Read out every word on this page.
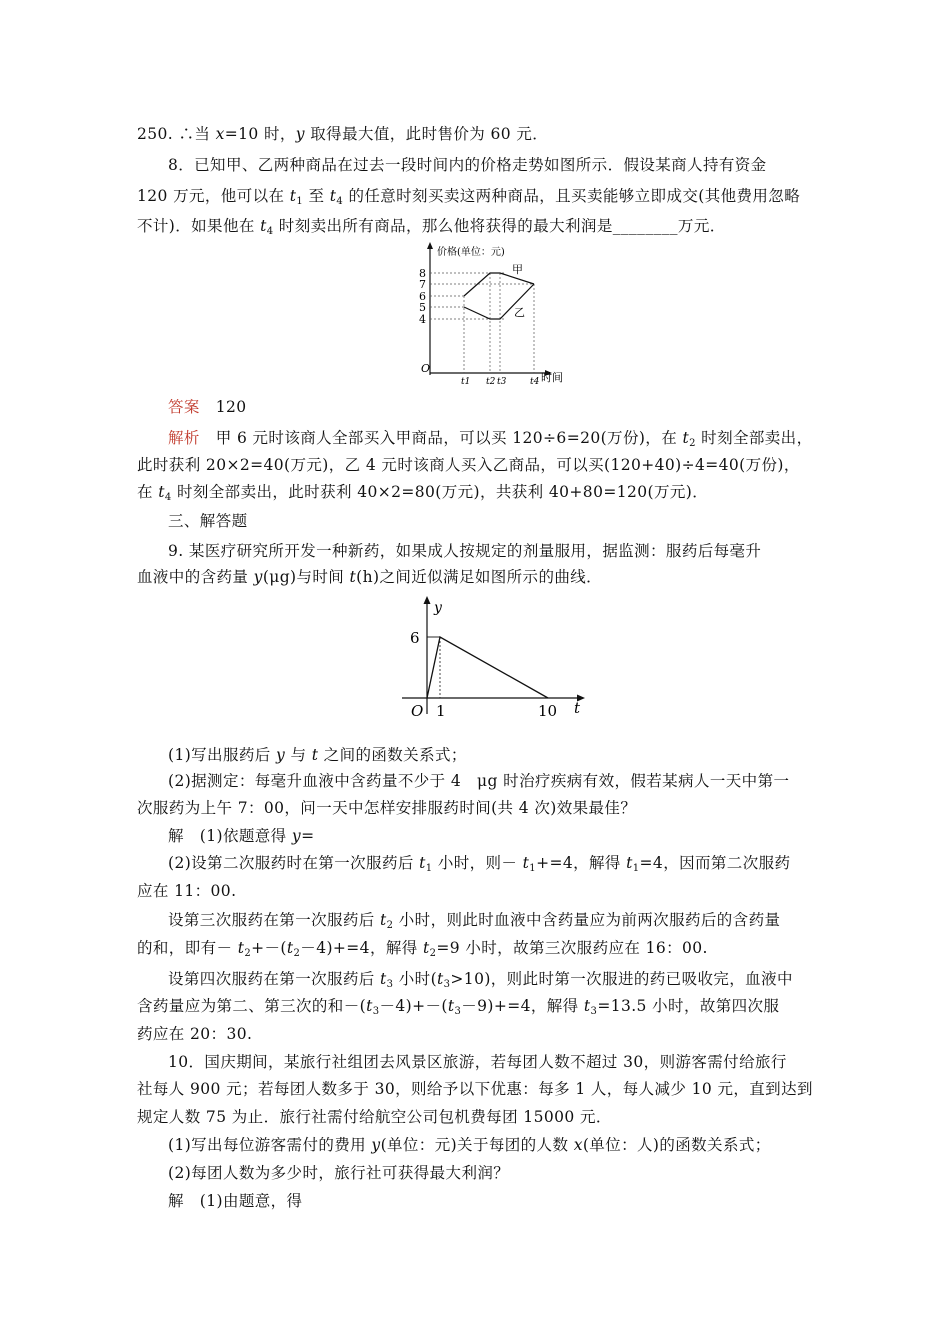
250. ∴当 x=10 时，y 取得最大值，此时售价为 60 元．
8．已知甲、乙两种商品在过去一段时间内的价格走势如图所示．假设某商人持有资金
120 万元，他可以在 $t_1$ 至 $t_4$ 的任意时刻买卖这两种商品，且买卖能够立即成交(其他费用忽略
不计)．如果他在 $t_4$ 时刻卖出所有商品，那么他将获得的最大利润是________万元．
价格(单位：元)
8
7
6
5
4
甲
乙
O
t1 t2 t3	t4 时间
答案　 120
解析　 甲 6 元时该商人全部买入甲商品，可以买 120÷6=20(万份)，在 $t_2$ 时刻全部卖出，
此时获利 20×2=40(万元)，乙 4 元时该商人买入乙商品，可以买(120+40)÷4=40(万份)，
在 $t_4$ 时刻全部卖出，此时获利 40×2=80(万元)，共获利 40+80=120(万元)．
三、解答题
9. 某医疗研究所开发一种新药，如果成人按规定的剂量服用，据监测：服药后每毫升
血液中的含药量 y(μg)与时间 t(h)之间近似满足如图所示的曲线．
y
t
O
6
1	10
(1)写出服药后 y 与 t 之间的函数关系式；
(2)据测定：每毫升血液中含药量不少于 4　μg 时治疗疾病有效，假若某病人一天中第一
次服药为上午 7：00，问一天中怎样安排服药时间(共 4 次)效果最佳？
解　(1)依题意得 y=
(2)设第二次服药时在第一次服药后 $t_1$ 小时，则－ $t_1+=4$，解得 $t_1=4$，因而第二次服药
应在 11：00.
设第三次服药在第一次服药后 $t_2$ 小时，则此时血液中含药量应为前两次服药后的含药量
的和，即有－ $t_2+-(t_2-4)+=4$，解得 $t_2=9$ 小时，故第三次服药应在 16：00.
设第四次服药在第一次服药后 $t_3$ 小时$(t_3>10)$，则此时第一次服进的药已吸收完，血液中
含药量应为第二、第三次的和$-(t_3-4)+-(t_3-9)+=4$，解得 $t_3=13.5$ 小时，故第四次服
药应在 20：30.
10．国庆期间，某旅行社组团去风景区旅游，若每团人数不超过 30，则游客需付给旅行
社每人 900 元；若每团人数多于 30，则给予以下优惠：每多 1 人，每人减少 10 元，直到达到
规定人数 75 为止．旅行社需付给航空公司包机费每团 15000 元．
(1)写出每位游客需付的费用 y(单位：元)关于每团的人数 x(单位：人)的函数关系式；
(2)每团人数为多少时，旅行社可获得最大利润？
解　(1)由题意，得
